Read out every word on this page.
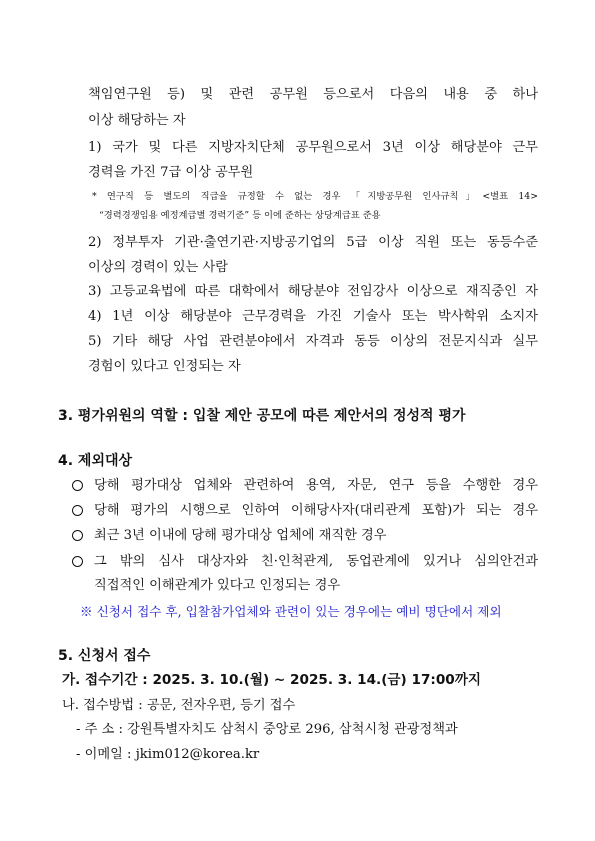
책임연구원 등) 및 관련 공무원 등으로서 다음의 내용 중 하나
이상 해당하는 자
1) 국가 및 다른 지방자치단체 공무원으로서 3년 이상 해당분야 근무
경력을 가진 7급 이상 공무원
* 연구직 등 별도의 직급을 규정할 수 없는 경우 「지방공무원 인사규칙」<별표 14>
“경력경쟁임용 예정계급별 경력기준” 등 이에 준하는 상당계급표 준용
2) 정부투자 기관·출연기관·지방공기업의 5급 이상 직원 또는 동등수준
이상의 경력이 있는 사람
3) 고등교육법에 따른 대학에서 해당분야 전임강사 이상으로 재직중인 자
4) 1년 이상 해당분야 근무경력을 가진 기술사 또는 박사학위 소지자
5) 기타 해당 사업 관련분야에서 자격과 동등 이상의 전문지식과 실무
경험이 있다고 인정되는 자
3. 평가위원의 역할 : 입찰 제안 공모에 따른 제안서의 정성적 평가
4. 제외대상
당해 평가대상 업체와 관련하여 용역, 자문, 연구 등을 수행한 경우
당해 평가의 시행으로 인하여 이해당사자(대리관계 포함)가 되는 경우
최근 3년 이내에 당해 평가대상 업체에 재직한 경우
그 밖의 심사 대상자와 친·인척관계, 동업관계에 있거나 심의안건과
직접적인 이해관계가 있다고 인정되는 경우
※ 신청서 접수 후, 입찰참가업체와 관련이 있는 경우에는 예비 명단에서 제외
5. 신청서 접수
가. 접수기간 : 2025. 3. 10.(월) ~ 2025. 3. 14.(금) 17:00까지
나. 접수방법 : 공문, 전자우편, 등기 접수
- 주 소 : 강원특별자치도 삼척시 중앙로 296, 삼척시청 관광정책과
- 이메일 : jkim012@korea.kr
